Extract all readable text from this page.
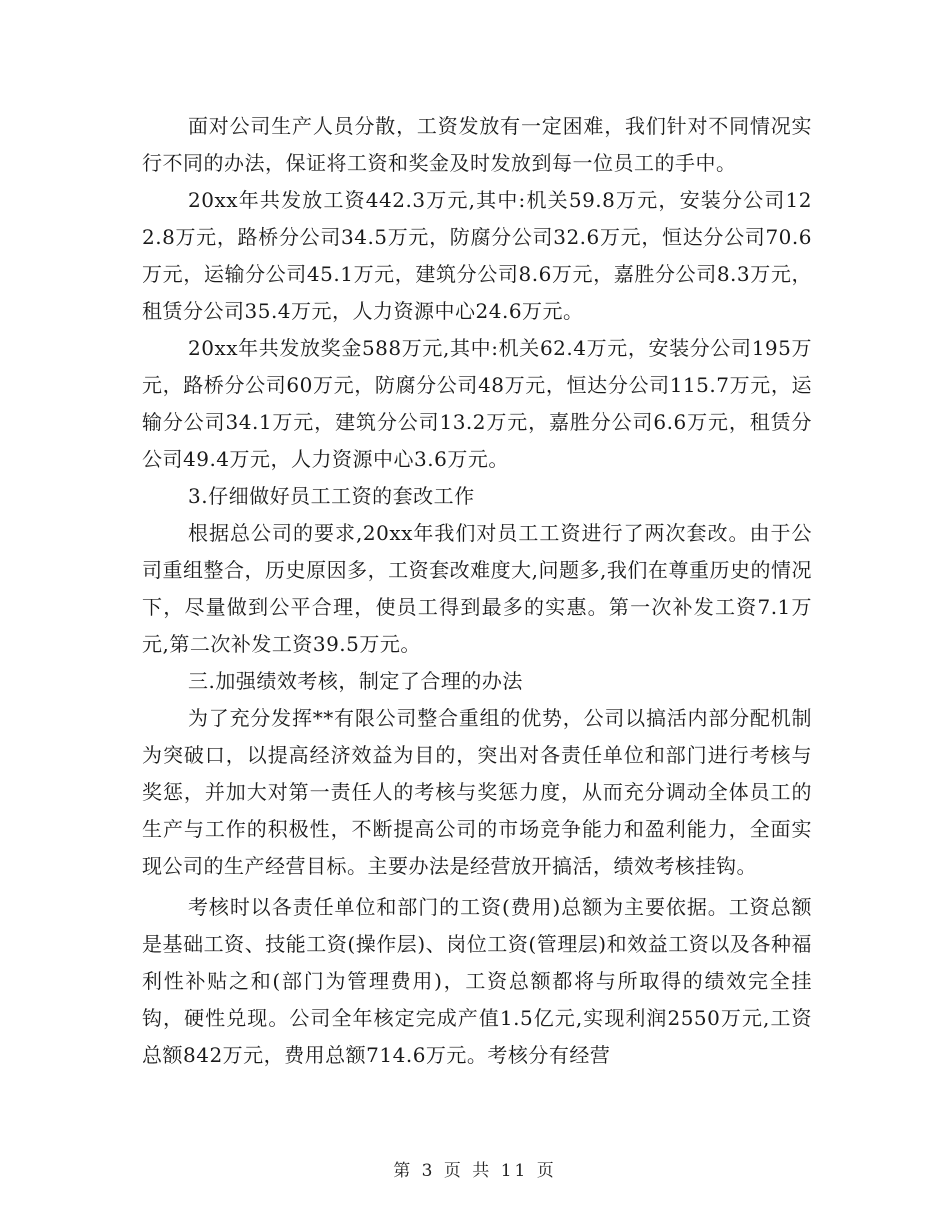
面对公司生产人员分散，工资发放有一定困难，我们针对不同情况实行不同的办法，保证将工资和奖金及时发放到每一位员工的手中。

20xx年共发放工资442.3万元,其中:机关59.8万元，安装分公司122.8万元，路桥分公司34.5万元，防腐分公司32.6万元，恒达分公司70.6万元，运输分公司45.1万元，建筑分公司8.6万元，嘉胜分公司8.3万元，租赁分公司35.4万元，人力资源中心24.6万元。

20xx年共发放奖金588万元,其中:机关62.4万元，安装分公司195万元，路桥分公司60万元，防腐分公司48万元，恒达分公司115.7万元，运输分公司34.1万元，建筑分公司13.2万元，嘉胜分公司6.6万元，租赁分公司49.4万元，人力资源中心3.6万元。

3.仔细做好员工工资的套改工作

根据总公司的要求,20xx年我们对员工工资进行了两次套改。由于公司重组整合，历史原因多，工资套改难度大,问题多,我们在尊重历史的情况下，尽量做到公平合理，使员工得到最多的实惠。第一次补发工资7.1万元,第二次补发工资39.5万元。

三.加强绩效考核，制定了合理的办法

为了充分发挥**有限公司整合重组的优势，公司以搞活内部分配机制为突破口，以提高经济效益为目的，突出对各责任单位和部门进行考核与奖惩，并加大对第一责任人的考核与奖惩力度，从而充分调动全体员工的生产与工作的积极性，不断提高公司的市场竞争能力和盈利能力，全面实现公司的生产经营目标。主要办法是经营放开搞活，绩效考核挂钩。

考核时以各责任单位和部门的工资(费用)总额为主要依据。工资总额是基础工资、技能工资(操作层)、岗位工资(管理层)和效益工资以及各种福利性补贴之和(部门为管理费用)，工资总额都将与所取得的绩效完全挂钩，硬性兑现。公司全年核定完成产值1.5亿元,实现利润2550万元,工资总额842万元，费用总额714.6万元。考核分有经营

第 3 页 共 11 页
